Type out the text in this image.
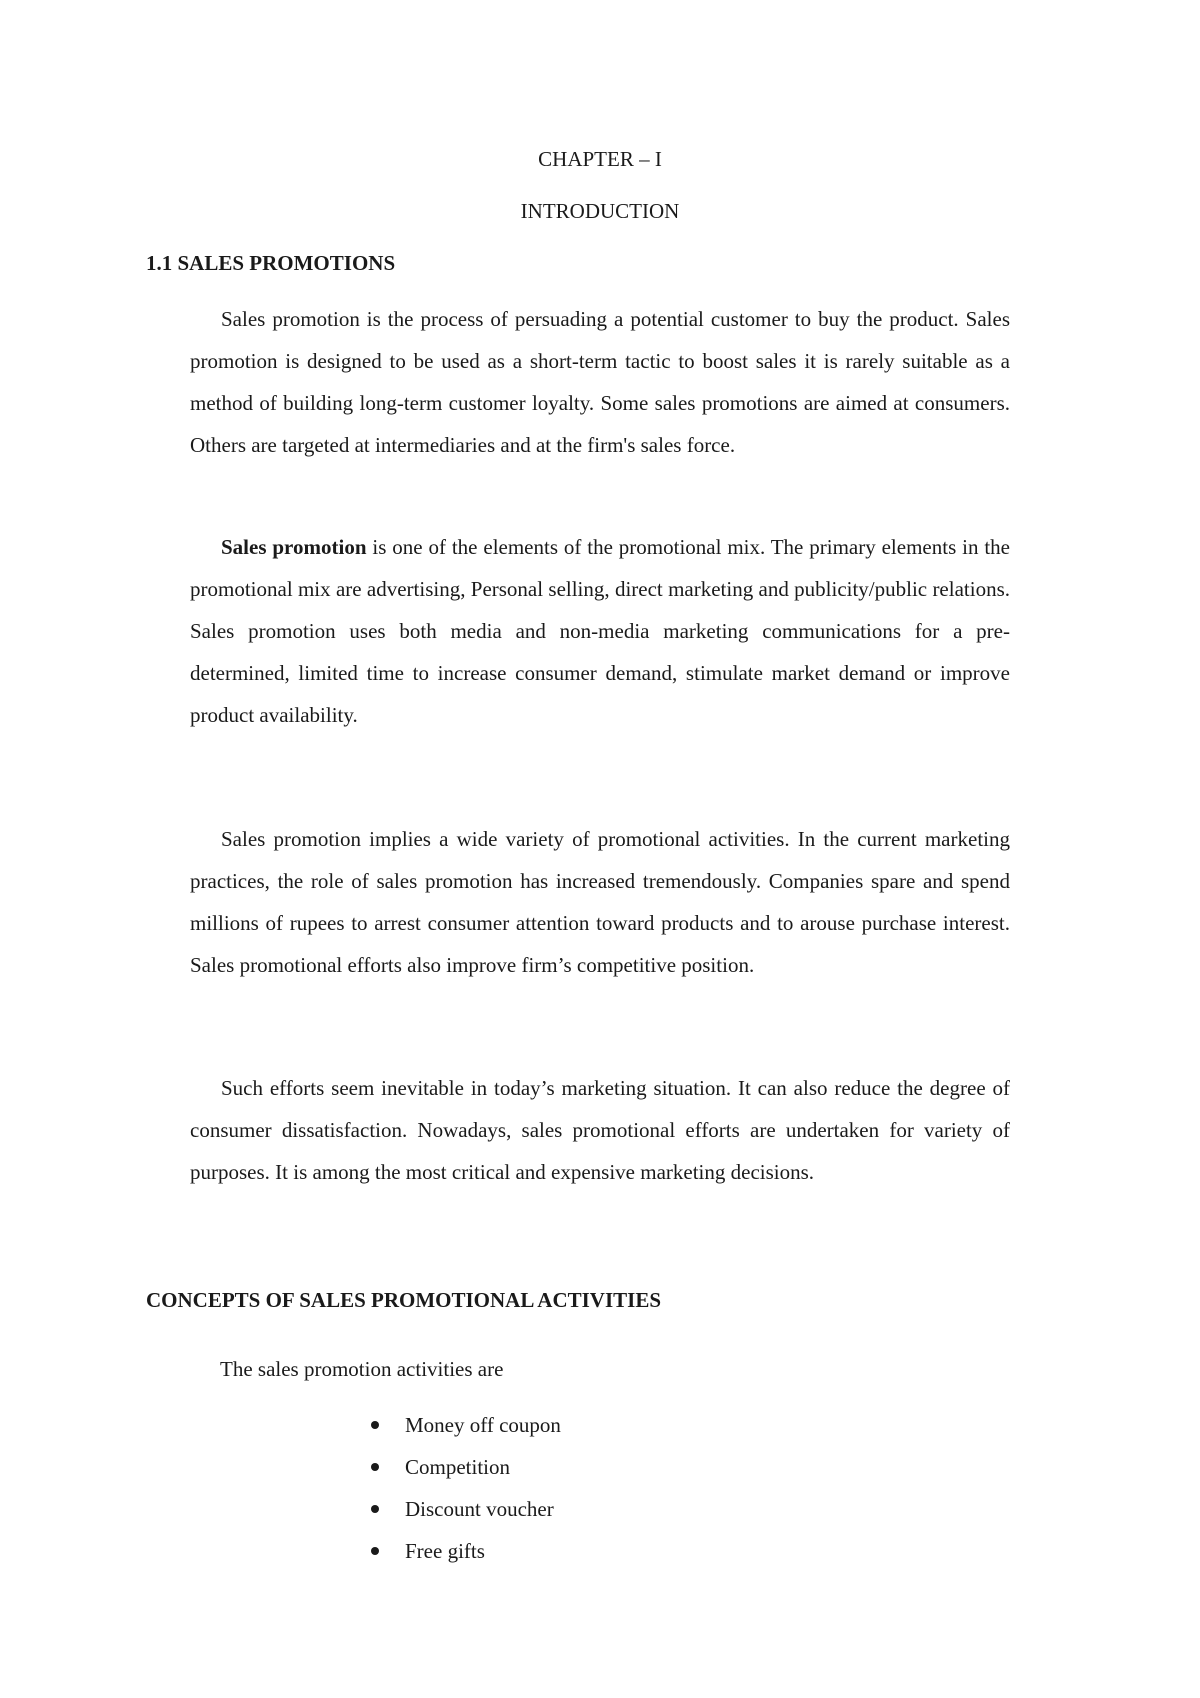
CHAPTER – I
INTRODUCTION
1.1 SALES PROMOTIONS

Sales promotion is the process of persuading a potential customer to buy the product. Sales promotion is designed to be used as a short-term tactic to boost sales it is rarely suitable as a method of building long-term customer loyalty. Some sales promotions are aimed at consumers. Others are targeted at intermediaries and at the firm's sales force.

Sales promotion is one of the elements of the promotional mix. The primary elements in the promotional mix are advertising, Personal selling, direct marketing and publicity/public relations. Sales promotion uses both media and non-media marketing communications for a pre-determined, limited time to increase consumer demand, stimulate market demand or improve product availability.

Sales promotion implies a wide variety of promotional activities. In the current marketing practices, the role of sales promotion has increased tremendously. Companies spare and spend millions of rupees to arrest consumer attention toward products and to arouse purchase interest. Sales promotional efforts also improve firm’s competitive position.

Such efforts seem inevitable in today’s marketing situation. It can also reduce the degree of consumer dissatisfaction. Nowadays, sales promotional efforts are undertaken for variety of purposes. It is among the most critical and expensive marketing decisions.

CONCEPTS OF SALES PROMOTIONAL ACTIVITIES

The sales promotion activities are

Money off coupon
Competition
Discount voucher
Free gifts
